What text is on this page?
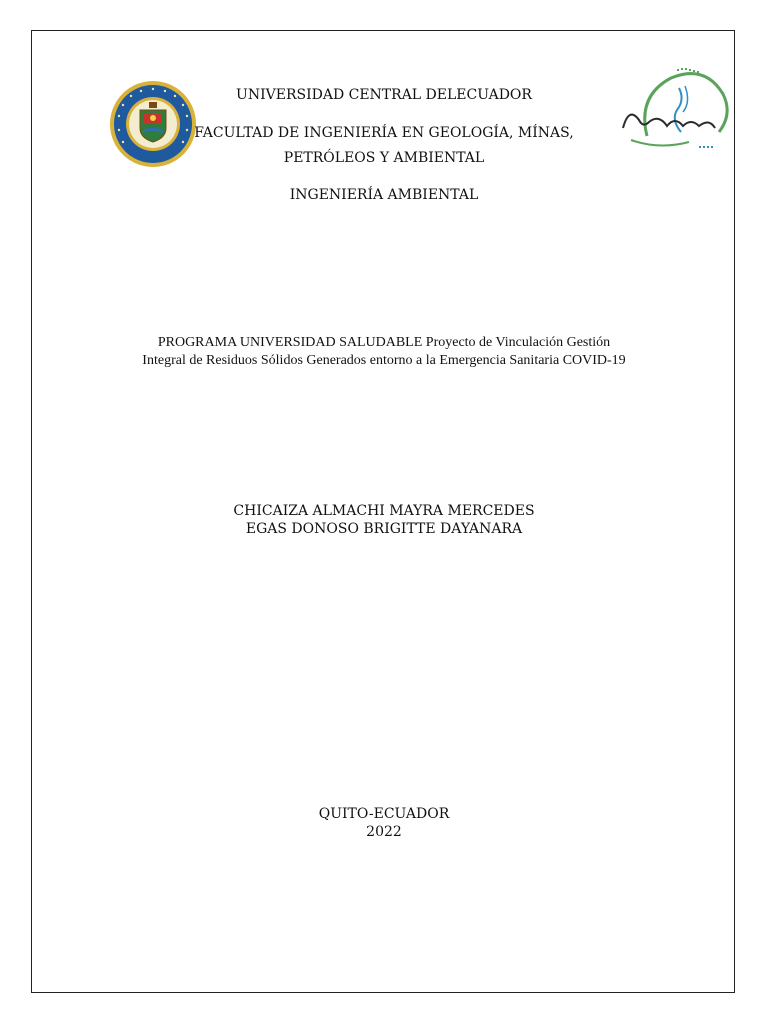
UNIVERSIDAD CENTRAL DELECUADOR
FACULTAD DE INGENIERÍA EN GEOLOGÍA, MÍNAS,
PETRÓLEOS Y AMBIENTAL
INGENIERÍA AMBIENTAL
PROGRAMA UNIVERSIDAD SALUDABLE Proyecto de Vinculación Gestión
Integral de Residuos Sólidos Generados entorno a la Emergencia Sanitaria COVID-19
CHICAIZA ALMACHI MAYRA MERCEDES
EGAS DONOSO BRIGITTE DAYANARA
QUITO-ECUADOR
2022
